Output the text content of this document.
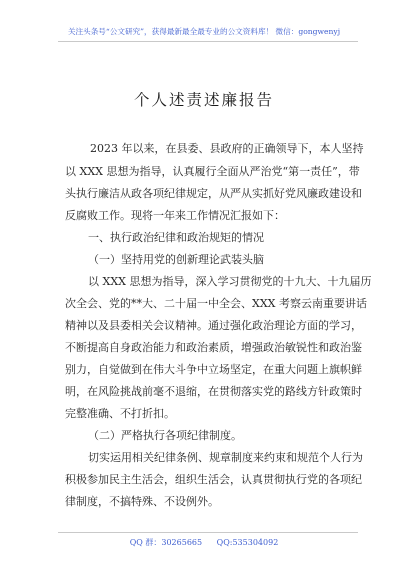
关注头条号“公文研究”，获得最新最全最专业的公文资料库！ 微信：gongwenyj
个人述责述廉报告
2023 年以来，在县委、县政府的正确领导下，本人坚持
以 XXX 思想为指导，认真履行全面从严治党“第一责任”，带
头执行廉洁从政各项纪律规定，从严从实抓好党风廉政建设和
反腐败工作。现将一年来工作情况汇报如下：
一、执行政治纪律和政治规矩的情况
（一）坚持用党的创新理论武装头脑
以 XXX 思想为指导，深入学习贯彻党的十九大、十九届历
次全会、党的**大、二十届一中全会、XXX 考察云南重要讲话
精神以及县委相关会议精神。通过强化政治理论方面的学习，
不断提高自身政治能力和政治素质，增强政治敏锐性和政治鉴
别力，自觉做到在伟大斗争中立场坚定，在重大问题上旗帜鲜
明，在风险挑战前毫不退缩，在贯彻落实党的路线方针政策时
完整准确、不打折扣。
（二）严格执行各项纪律制度。
切实运用相关纪律条例、规章制度来约束和规范个人行为
积极参加民主生活会，组织生活会，认真贯彻执行党的各项纪
律制度，不搞特殊、不设例外。
QQ 群：30265665 QQ:535304092
